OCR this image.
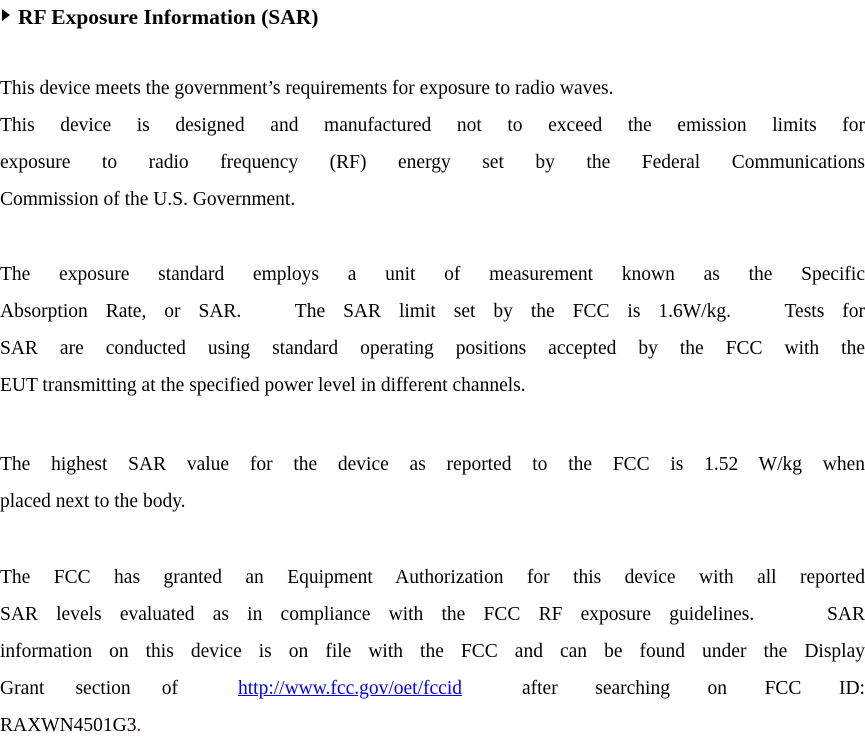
RF Exposure Information (SAR)
This device meets the government’s requirements for exposure to radio waves.
This device is designed and manufactured not to exceed the emission limits for
exposure to radio frequency (RF) energy set by the Federal Communications
Commission of the U.S. Government.
The exposure standard employs a unit of measurement known as the Specific
Absorption Rate, or SAR.   The SAR limit set by the FCC is 1.6W/kg.   Tests for
SAR are conducted using standard operating positions accepted by the FCC with the
EUT transmitting at the specified power level in different channels.
The highest SAR value for the device as reported to the FCC is 1.52 W/kg when
placed next to the body.
The FCC has granted an Equipment Authorization for this device with all reported
SAR levels evaluated as in compliance with the FCC RF exposure guidelines.    SAR
information on this device is on file with the FCC and can be found under the Display
Grant section of	http://www.fcc.gov/oet/fccid	after searching on FCC ID:
RAXWN4501G3.
